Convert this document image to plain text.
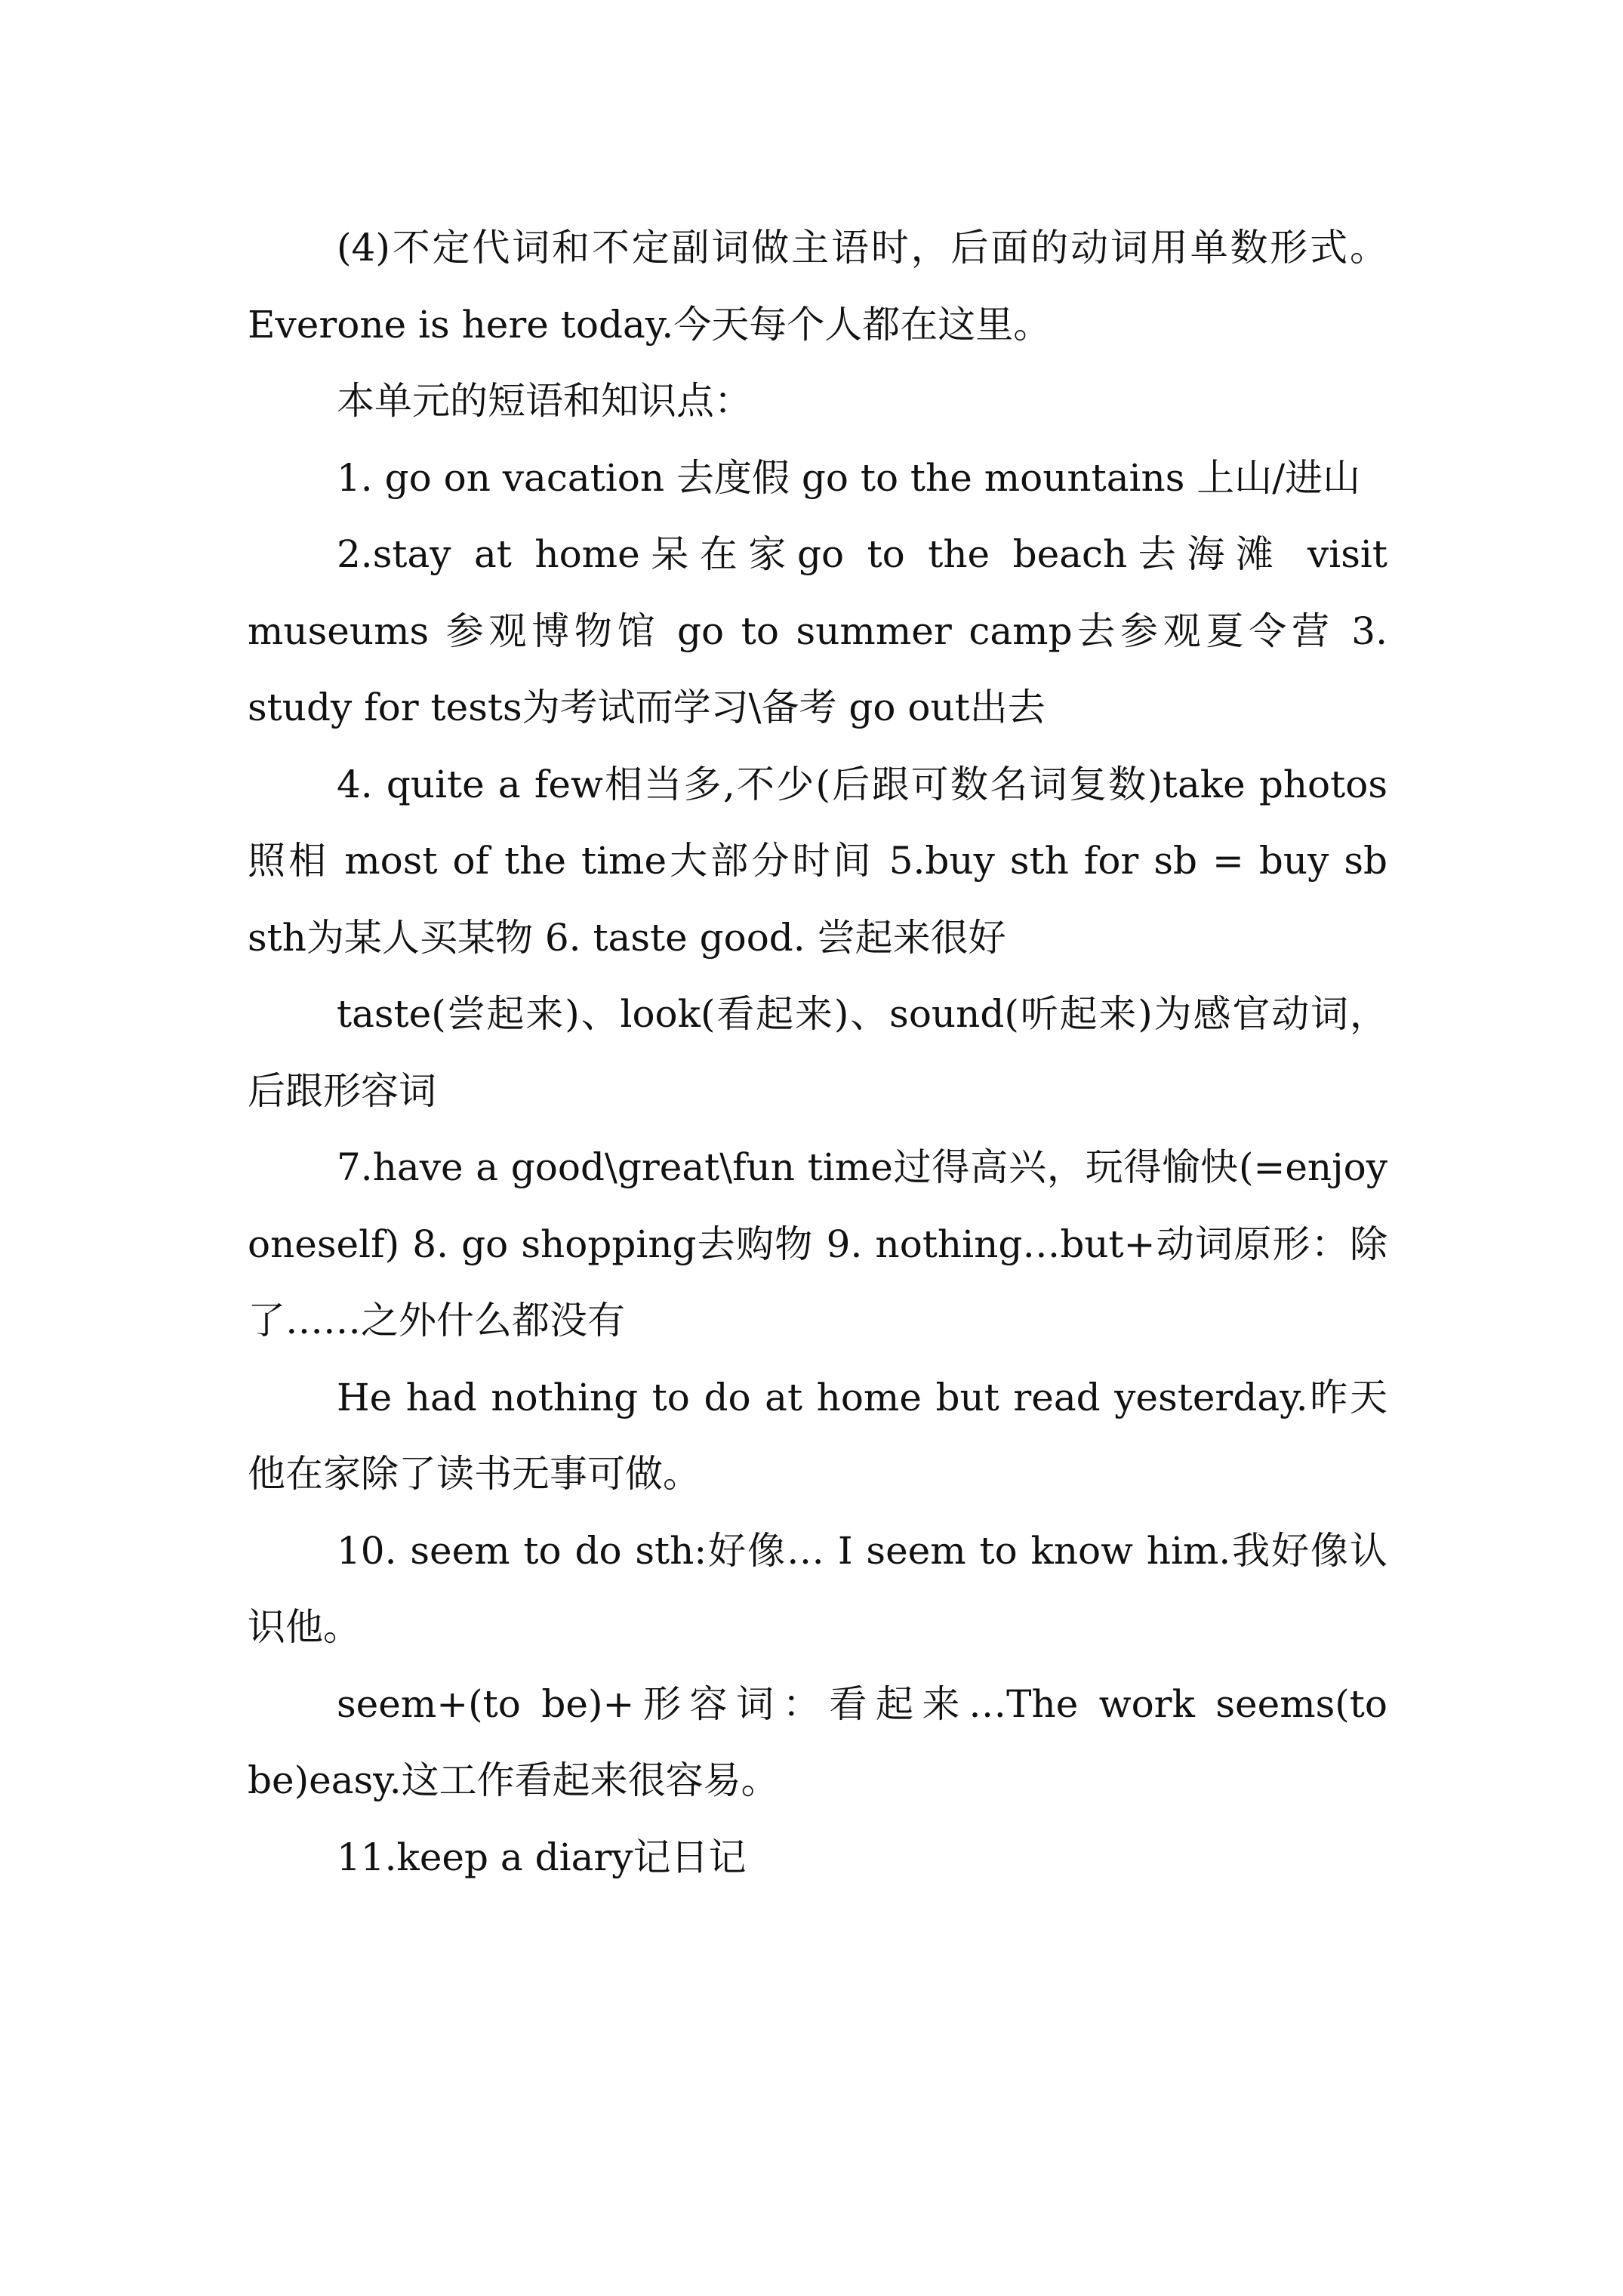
(4)不定代词和不定副词做主语时，后面的动词用单数形式。Everone is here today.今天每个人都在这里。

本单元的短语和知识点：

1. go on vacation 去度假 go to the mountains 上山/进山

2.stay at home呆在家go to the beach去海滩 visit museums 参观博物馆 go to summer camp去参观夏令营 3. study for tests为考试而学习\备考 go out出去

4. quite a few相当多,不少(后跟可数名词复数)take photos照相 most of the time大部分时间 5.buy sth for sb = buy sb sth为某人买某物 6. taste good. 尝起来很好

taste(尝起来)、look(看起来)、sound(听起来)为感官动词，后跟形容词

7.have a good\great\fun time过得高兴，玩得愉快(=enjoy oneself) 8. go shopping去购物 9. nothing…but+动词原形：除了……之外什么都没有

He had nothing to do at home but read yesterday.昨天他在家除了读书无事可做。

10. seem to do sth:好像… I seem to know him.我好像认识他。

seem+(to be)+形容词：看起来…The work seems(to be)easy.这工作看起来很容易。

11.keep a diary记日记
